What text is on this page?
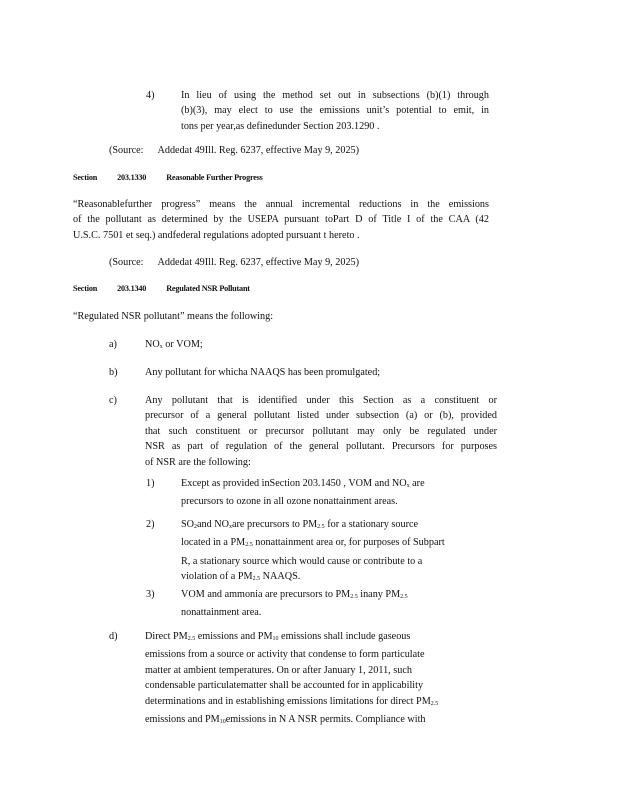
4)	In lieu of using the method set out in subsections (b)(1) through
(b)(3), may elect to use the emissions unit’s potential to emit, in
tons per year,as definedunder Section 203.1290 .
(Source: Addedat 49Ill. Reg. 6237, effective May 9, 2025)
Section 203.1330 Reasonable Further Progress
“Reasonablefurther progress” means the annual incremental reductions in the emissions
of the pollutant as determined by the USEPA pursuant toPart D of Title I of the CAA (42
U.S.C. 7501 et seq.) andfederal regulations adopted pursuant t hereto .
(Source: Addedat 49Ill. Reg. 6237, effective May 9, 2025)
Section 203.1340 Regulated NSR Pollutant
“Regulated NSR pollutant” means the following:
a)	$NO_x$ or VOM;
b)	Any pollutant for whicha NAAQS has been promulgated;
c)	Any pollutant that is identified under this Section as a constituent or
precursor of a general pollutant listed under subsection (a) or (b), provided
that such constituent or precursor pollutant may only be regulated under
NSR as part of regulation of the general pollutant. Precursors for purposes
of NSR are the following:
1)	Except as provided inSection 203.1450 , VOM and $NO_x$ are
precursors to ozone in all ozone nonattainment areas.
2)	$SO_2and$ $NO_xare$ precursors to $PM_{2.5}$ for a stationary source
located in a $PM_{2.5}$ nonattainment area or, for purposes of Subpart
R, a stationary source which would cause or contribute to a
violation of a $PM_{2.5}$ NAAQS.
3)	VOM and ammonia are precursors to $PM_{2.5}$ inany $PM_{2.5}$
nonattainment area.
d)	Direct $PM_{2.5}$ emissions and $PM_{10}$ emissions shall include gaseous
emissions from a source or activity that condense to form particulate
matter at ambient temperatures. On or after January 1, 2011, such
condensable particulatematter shall be accounted for in applicability
determinations and in establishing emissions limitations for direct $PM_{2.5}$
emissions and $PM_{10}emissions$ in N A NSR permits. Compliance with
